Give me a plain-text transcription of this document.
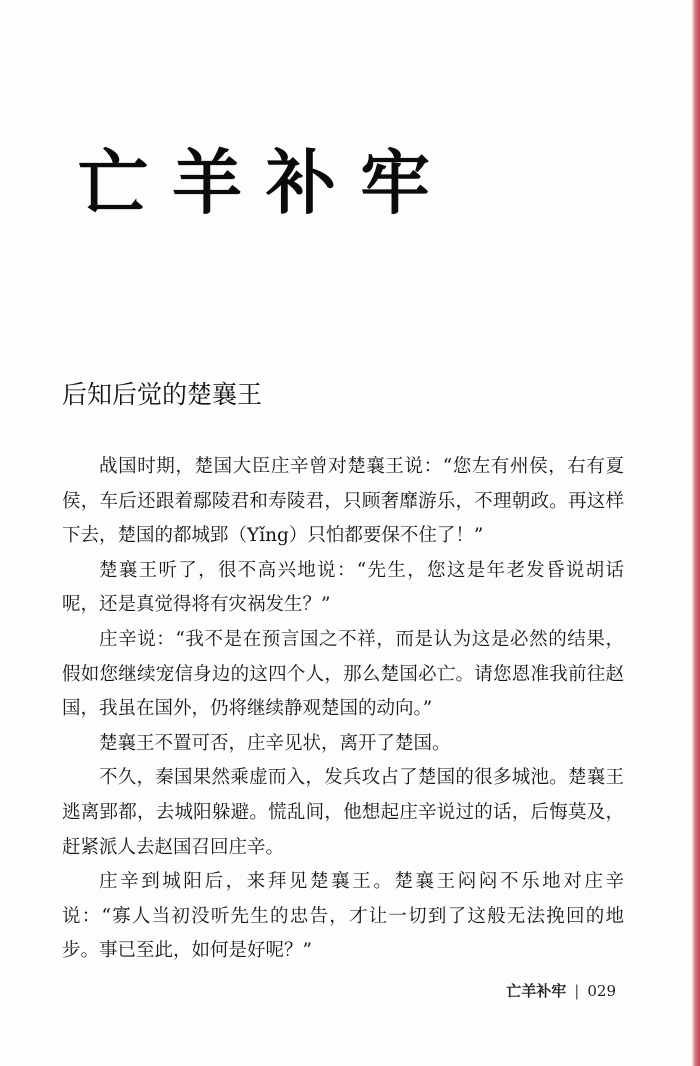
亡羊补牢
后知后觉的楚襄王

战国时期，楚国大臣庄辛曾对楚襄王说：“您左有州侯，右有夏侯，车后还跟着鄢陵君和寿陵君，只顾奢靡游乐，不理朝政。再这样下去，楚国的都城郢（Yǐng）只怕都要保不住了！”

楚襄王听了，很不高兴地说：“先生，您这是年老发昏说胡话呢，还是真觉得将有灾祸发生？”

庄辛说：“我不是在预言国之不祥，而是认为这是必然的结果，假如您继续宠信身边的这四个人，那么楚国必亡。请您恩准我前往赵国，我虽在国外，仍将继续静观楚国的动向。”

楚襄王不置可否，庄辛见状，离开了楚国。

不久，秦国果然乘虚而入，发兵攻占了楚国的很多城池。楚襄王逃离郢都，去城阳躲避。慌乱间，他想起庄辛说过的话，后悔莫及，赶紧派人去赵国召回庄辛。

庄辛到城阳后，来拜见楚襄王。楚襄王闷闷不乐地对庄辛说：“寡人当初没听先生的忠告，才让一切到了这般无法挽回的地步。事已至此，如何是好呢？”

亡羊补牢 | 029
